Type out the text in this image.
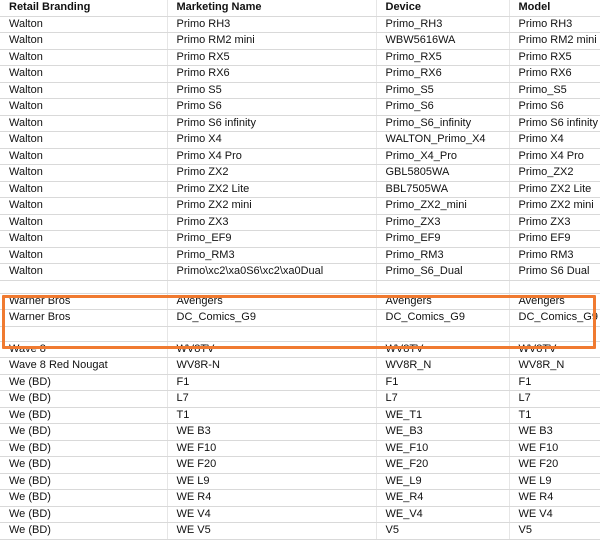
Retail Branding	Marketing Name	Device	Model
Walton	Primo RH3	Primo_RH3	Primo RH3
Walton	Primo RM2 mini	WBW5616WA	Primo RM2 mini
Walton	Primo RX5	Primo_RX5	Primo RX5
Walton	Primo RX6	Primo_RX6	Primo RX6
Walton	Primo S5	Primo_S5	Primo_S5
Walton	Primo S6	Primo_S6	Primo S6
Walton	Primo S6 infinity	Primo_S6_infinity	Primo S6 infinity
Walton	Primo X4	WALTON_Primo_X4	Primo X4
Walton	Primo X4 Pro	Primo_X4_Pro	Primo X4 Pro
Walton	Primo ZX2	GBL5805WA	Primo_ZX2
Walton	Primo ZX2 Lite	BBL7505WA	Primo ZX2 Lite
Walton	Primo ZX2 mini	Primo_ZX2_mini	Primo ZX2 mini
Walton	Primo ZX3	Primo_ZX3	Primo ZX3
Walton	Primo_EF9	Primo_EF9	Primo EF9
Walton	Primo_RM3	Primo_RM3	Primo RM3
Walton	Primo\xc2\xa0S6\xc2\xa0Dual	Primo_S6_Dual	Primo S6 Dual

Warner Bros	Avengers	Avengers	Avengers
Warner Bros	DC_Comics_G9	DC_Comics_G9	DC_Comics_G9

Wave 8	WV8TV	WV8TV	WV8TV
Wave 8 Red Nougat	WV8R-N	WV8R_N	WV8R_N
We (BD)	F1	F1	F1
We (BD)	L7	L7	L7
We (BD)	T1	WE_T1	T1
We (BD)	WE B3	WE_B3	WE B3
We (BD)	WE F10	WE_F10	WE F10
We (BD)	WE F20	WE_F20	WE F20
We (BD)	WE L9	WE_L9	WE L9
We (BD)	WE R4	WE_R4	WE R4
We (BD)	WE V4	WE_V4	WE V4
We (BD)	WE V5	V5	V5
